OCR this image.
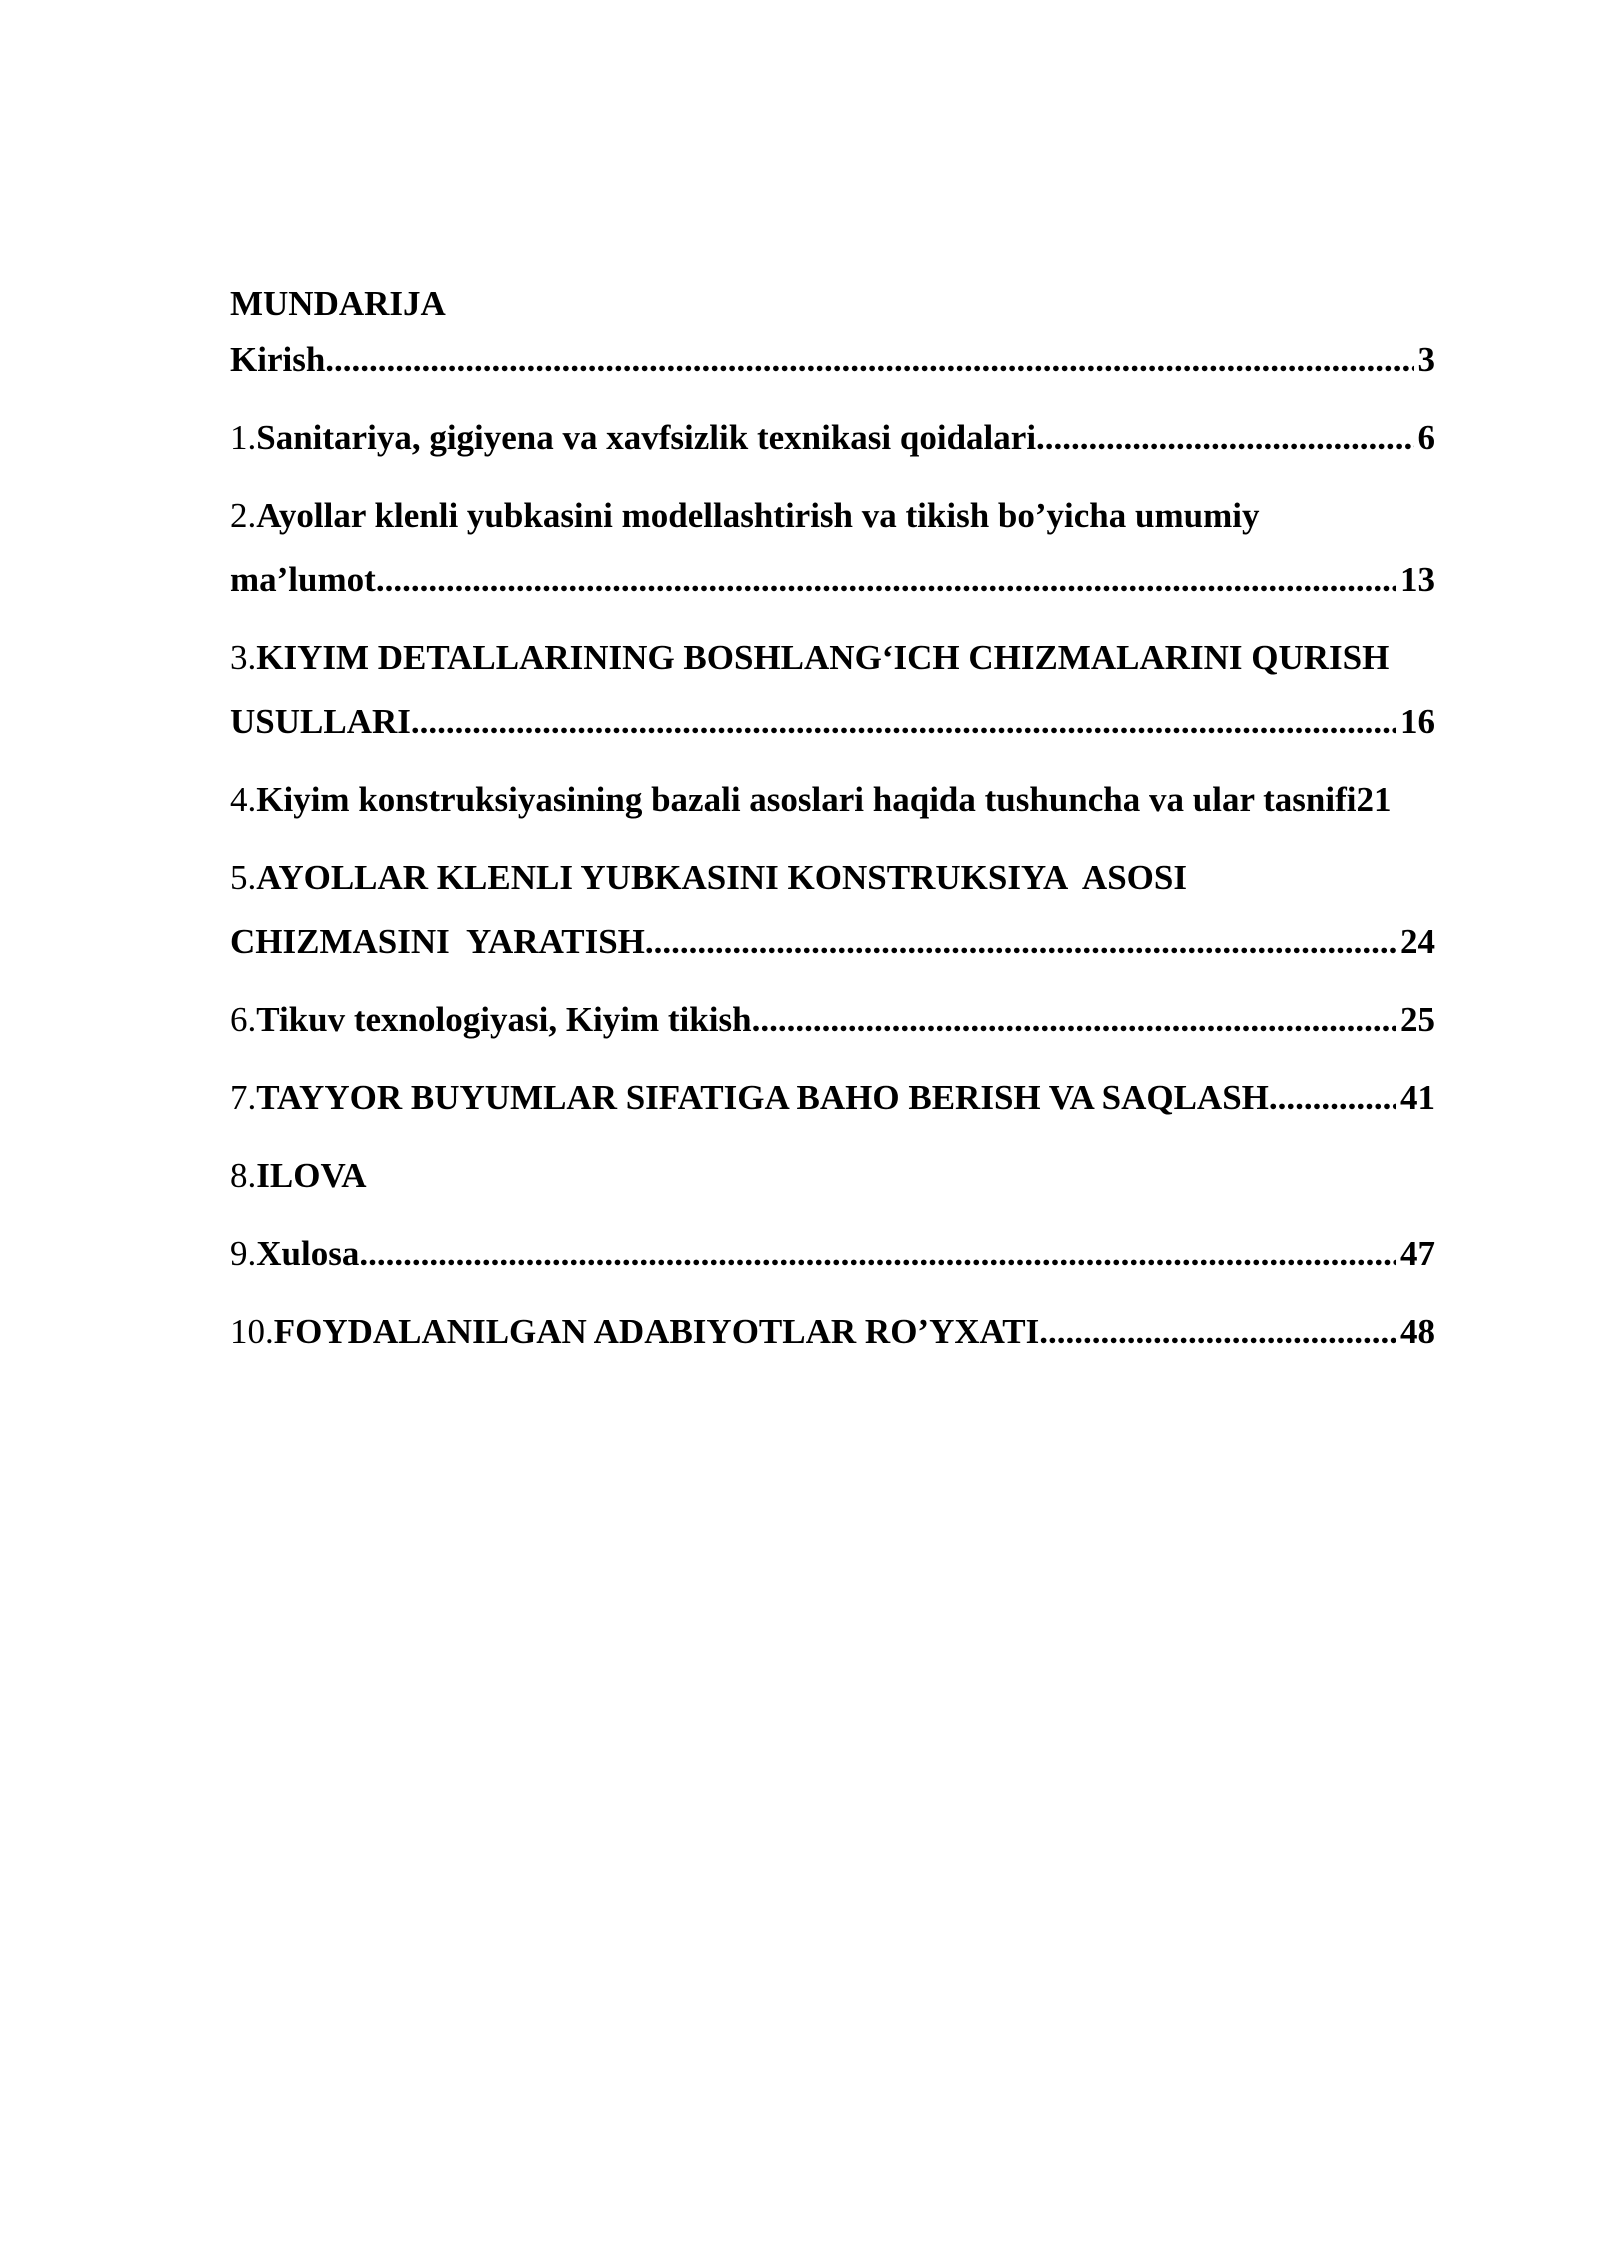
MUNDARIJA
Kirish .....	3
1. Sanitariya, gigiyena va xavfsizlik texnikasi qoidalari .....	6
2. Ayollar klenli yubkasini modellashtirish va tikish bo’yicha umumiy
ma’lumot .....	13
3. KIYIM DETALLARINING BOSHLANG‘ICH CHIZMALARINI QURISH
USULLARI .....	16
4. Kiyim konstruksiyasining bazali asoslari haqida tushuncha va ular tasnifi 21
5. AYOLLAR KLENLI YUBKASINI KONSTRUKSIYA  ASOSI
CHIZMASINI  YARATISH .....	24
6. Tikuv texnologiyasi, Kiyim tikish .....	25
7. TAYYOR BUYUMLAR SIFATIGA BAHO BERISH VA SAQLASH .....	41
8. ILOVA
9. Xulosa .....	47
10. FOYDALANILGAN ADABIYOTLAR RO’YXATI .....	48
